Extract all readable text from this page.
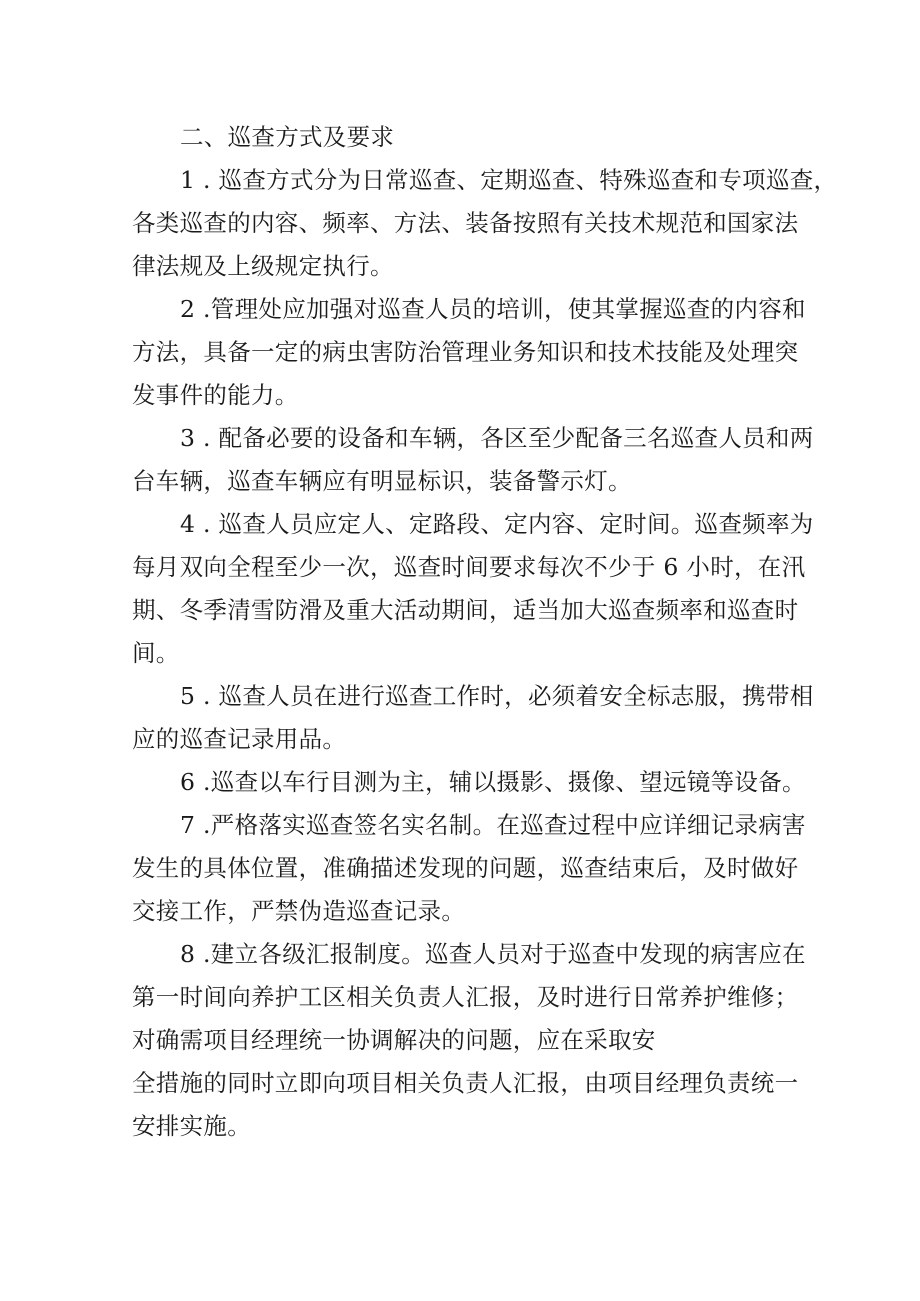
二、巡查方式及要求
1 . 巡查方式分为日常巡查、定期巡查、特殊巡查和专项巡查，
各类巡查的内容、频率、方法、装备按照有关技术规范和国家法
律法规及上级规定执行。
2 .管理处应加强对巡查人员的培训，使其掌握巡查的内容和
方法，具备一定的病虫害防治管理业务知识和技术技能及处理突
发事件的能力。
3 . 配备必要的设备和车辆，各区至少配备三名巡查人员和两
台车辆，巡查车辆应有明显标识，装备警示灯。
4 . 巡查人员应定人、定路段、定内容、定时间。巡查频率为
每月双向全程至少一次，巡查时间要求每次不少于 6 小时，在汛
期、冬季清雪防滑及重大活动期间，适当加大巡查频率和巡查时
间。
5 . 巡查人员在进行巡查工作时，必须着安全标志服，携带相
应的巡查记录用品。
6 .巡查以车行目测为主，辅以摄影、摄像、望远镜等设备。
7 .严格落实巡查签名实名制。在巡查过程中应详细记录病害
发生的具体位置，准确描述发现的问题，巡查结束后，及时做好
交接工作，严禁伪造巡查记录。
8 .建立各级汇报制度。巡查人员对于巡查中发现的病害应在
第一时间向养护工区相关负责人汇报，及时进行日常养护维修；
对确需项目经理统一协调解决的问题，应在采取安
全措施的同时立即向项目相关负责人汇报，由项目经理负责统一
安排实施。
